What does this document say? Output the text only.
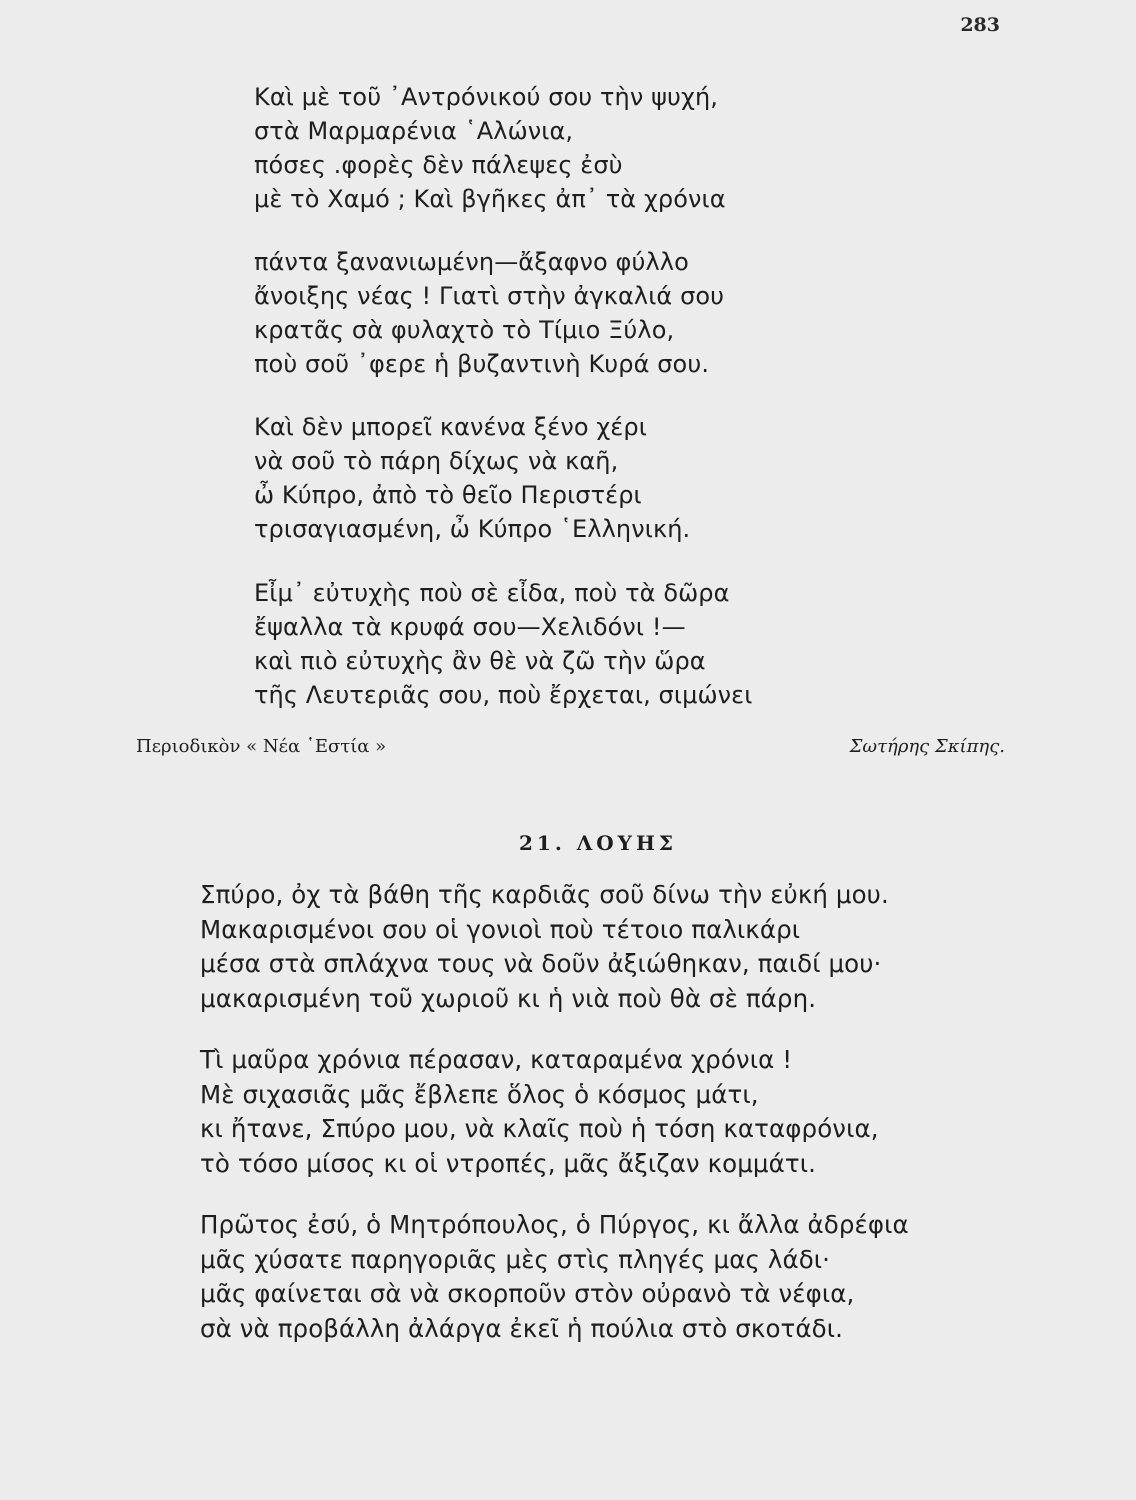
283
Καὶ μὲ τοῦ ᾽Αντρόνικού σου τὴν ψυχή,
στὰ Μαρμαρένια ῾Αλώνια,
πόσες .φορὲς δὲν πάλεψες ἐσὺ
μὲ τὸ Χαμό ; Καὶ βγῆκες ἀπ᾽ τὰ χρόνια
πάντα ξανανιωμένη—ἄξαφνο φύλλο
ἄνοιξης νέας ! Γιατὶ στὴν ἀγκαλιά σου
κρατᾶς σὰ φυλαχτὸ τὸ Τίμιο Ξύλο,
ποὺ σοῦ ᾽φερε ἡ βυζαντινὴ Κυρά σου.
Καὶ δὲν μπορεῖ κανένα ξένο χέρι
νὰ σοῦ τὸ πάρη δίχως νὰ καῆ,
ὦ Κύπρο, ἀπὸ τὸ θεῖο Περιστέρι
τρισαγιασμένη, ὦ Κύπρο ῾Ελληνική.
Εἶμ᾽ εὐτυχὴς ποὺ σὲ εἶδα, ποὺ τὰ δῶρα
ἔψαλλα τὰ κρυφά σου—Χελιδόνι !—
καὶ πιὸ εὐτυχὴς ἂν θὲ νὰ ζῶ τὴν ὥρα
τῆς Λευτεριᾶς σου, ποὺ ἔρχεται, σιμώνει
Περιοδικὸν « Νέα ῾Εστία »	Σωτήρης Σκίπης.
21. ΛΟΥΗΣ
Σπύρο, ὀχ τὰ βάθη τῆς καρδιᾶς σοῦ δίνω τὴν εὐκή μου.
Μακαρισμένοι σου οἱ γονιοὶ ποὺ τέτοιο παλικάρι
μέσα στὰ σπλάχνα τους νὰ δοῦν ἀξιώθηκαν, παιδί μου·
μακαρισμένη τοῦ χωριοῦ κι ἡ νιὰ ποὺ θὰ σὲ πάρη.
Τὶ μαῦρα χρόνια πέρασαν, καταραμένα χρόνια !
Μὲ σιχασιᾶς μᾶς ἔβλεπε ὅλος ὁ κόσμος μάτι,
κι ἤτανε, Σπύρο μου, νὰ κλαῖς ποὺ ἡ τόση καταφρόνια,
τὸ τόσο μίσος κι οἱ ντροπές, μᾶς ἄξιζαν κομμάτι.
Πρῶτος ἐσύ, ὁ Μητρόπουλος, ὁ Πύργος, κι ἄλλα ἀδρέφια
μᾶς χύσατε παρηγοριᾶς μὲς στὶς πληγές μας λάδι·
μᾶς φαίνεται σὰ νὰ σκορποῦν στὸν οὐρανὸ τὰ νέφια,
σὰ νὰ προβάλλη ἀλάργα ἐκεῖ ἡ πούλια στὸ σκοτάδι.
